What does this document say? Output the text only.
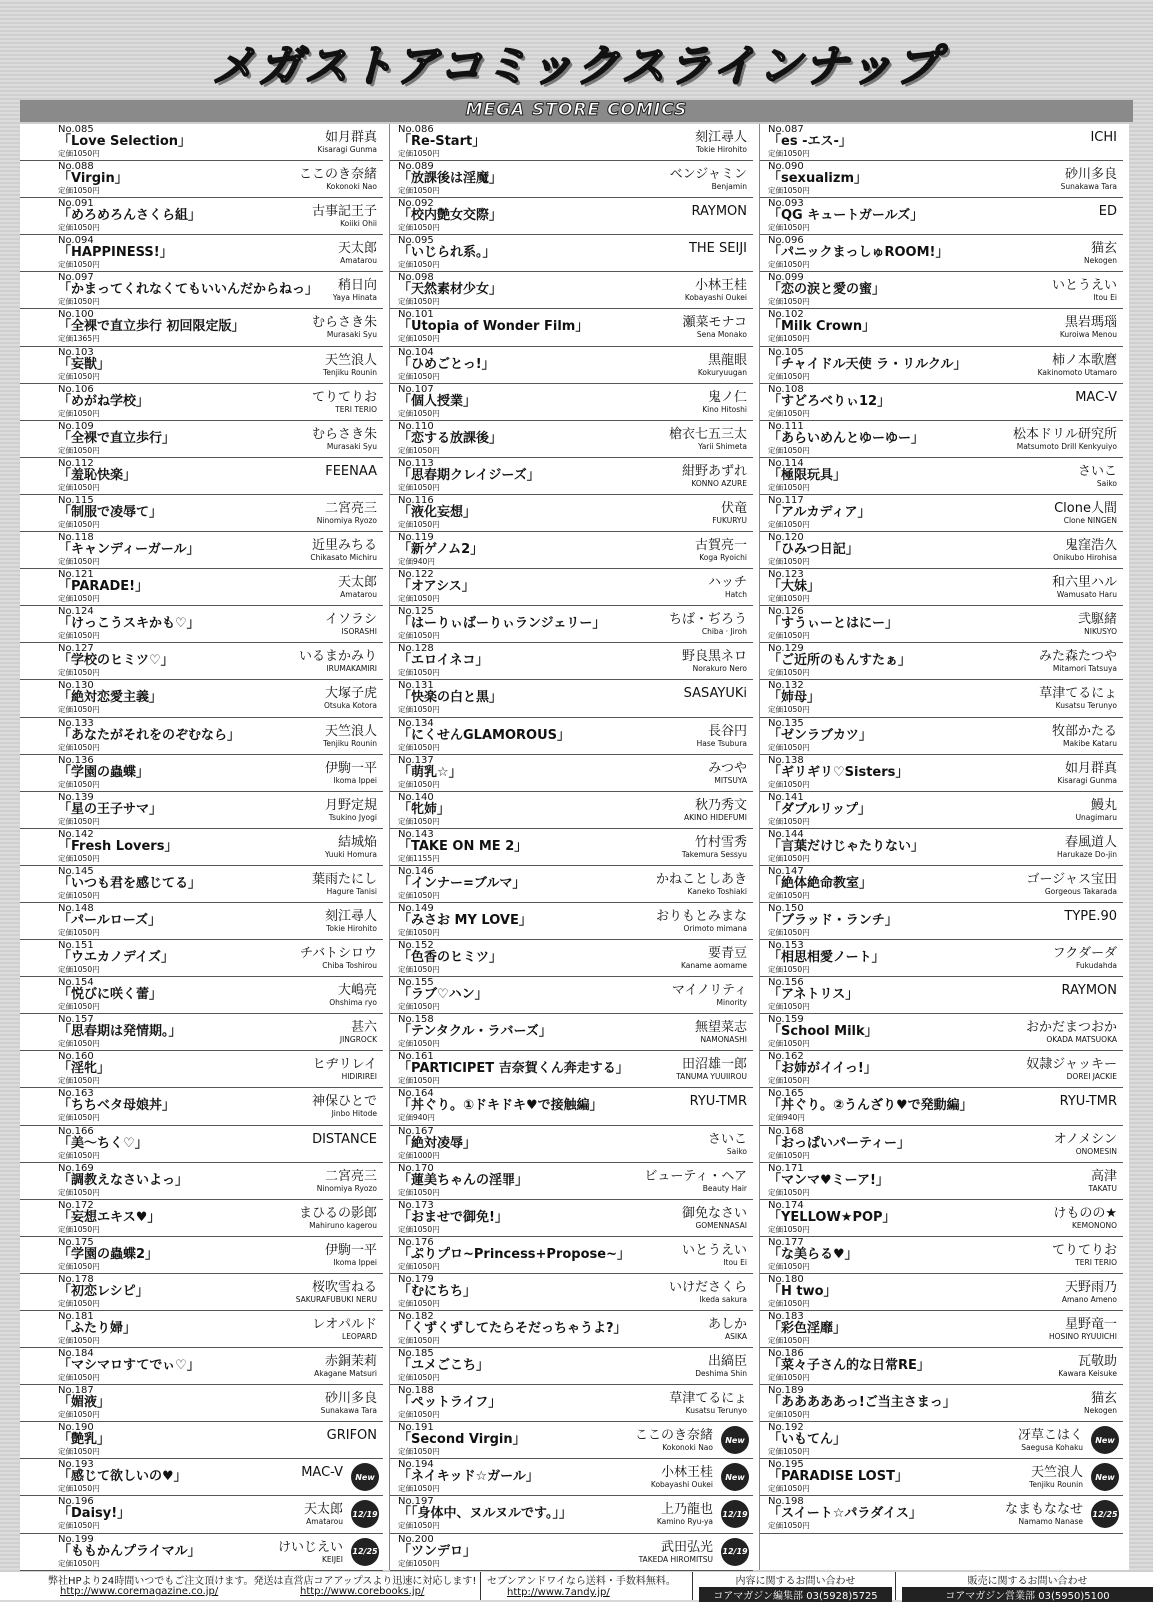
メガストアコミックスラインナップ
MEGA STORE COMICS
No.085
「Love Selection」
定価1050円
如月群真
Kisaragi Gunma
No.088
「Virgin」
定価1050円
ここのき奈緒
Kokonoki Nao
No.091
「めろめろんさくら組」
定価1050円
古事記王子
Koiiki Ohii
No.094
「HAPPINESS!」
定価1050円
天太郎
Amatarou
No.097
「かまってくれなくてもいいんだからねっ」
定価1050円
稍日向
Yaya Hinata
No.100
「全裸で直立歩行 初回限定版」
定価1365円
むらさき朱
Murasaki Syu
No.103
「妄獣」
定価1050円
天竺浪人
Tenjiku Rounin
No.106
「めがね学校」
定価1050円
てりてりお
TERI TERIO
No.109
「全裸で直立歩行」
定価1050円
むらさき朱
Murasaki Syu
No.112
「羞恥快楽」
定価1050円
FEENAA
No.115
「制服で凌辱て」
定価1050円
二宮亮三
Ninomiya Ryozo
No.118
「キャンディーガール」
定価1050円
近里みちる
Chikasato Michiru
No.121
「PARADE!」
定価1050円
天太郎
Amatarou
No.124
「けっこうスキかも♡」
定価1050円
イソラシ
ISORASHI
No.127
「学校のヒミツ♡」
定価1050円
いるまかみり
IRUMAKAMIRI
No.130
「絶対恋愛主義」
定価1050円
大塚子虎
Otsuka Kotora
No.133
「あなたがそれをのぞむなら」
定価1050円
天竺浪人
Tenjiku Rounin
No.136
「学園の蟲蝶」
定価1050円
伊駒一平
Ikoma Ippei
No.139
「星の王子サマ」
定価1050円
月野定規
Tsukino Jyogi
No.142
「Fresh Lovers」
定価1050円
結城焔
Yuuki Homura
No.145
「いつも君を感じてる」
定価1050円
葉雨たにし
Hagure Tanisi
No.148
「パールローズ」
定価1050円
刻江尋人
Tokie Hirohito
No.151
「ウエカノデイズ」
定価1050円
チバトシロウ
Chiba Toshirou
No.154
「悦びに咲く蕾」
定価1050円
大嶋亮
Ohshima ryo
No.157
「思春期は発情期。」
定価1050円
甚六
JINGROCK
No.160
「淫牝」
定価1050円
ヒヂリレイ
HIDIRIREI
No.163
「ちちベタ母娘丼」
定価1050円
神保ひとで
Jinbo Hitode
No.166
「美～ちく♡」
定価1050円
DISTANCE
No.169
「調教えなさいよっ」
定価1050円
二宮亮三
Ninomiya Ryozo
No.172
「妄想エキス♥」
定価1050円
まひるの影郎
Mahiruno kagerou
No.175
「学園の蟲蝶2」
定価1050円
伊駒一平
Ikoma Ippei
No.178
「初恋レシピ」
定価1050円
桜吹雪ねる
SAKURAFUBUKI NERU
No.181
「ふたり婦」
定価1050円
レオパルド
LEOPARD
No.184
「マシマロすてでぃ♡」
定価1050円
赤銅茉莉
Akagane Matsuri
No.187
「媚液」
定価1050円
砂川多良
Sunakawa Tara
No.190
「艶乳」
定価1050円
GRIFON
No.193
「感じて欲しいの♥」
定価1050円
MAC-V	New
No.196
「Daisy!」
定価1050円
天太郎
Amatarou
12/19
No.199
「ももかんプライマル」
定価1050円
けいじえい
KEIJEI
12/25
No.086
「Re-Start」
定価1050円
刻江尋人
Tokie Hirohito
No.089
「放課後は淫魔」
定価1050円
ベンジャミン
Benjamin
No.092
「校内艶女交際」
定価1050円
RAYMON
No.095
「いじられ系。」
定価1050円
THE SEIJI
No.098
「天然素材少女」
定価1050円
小林王桂
Kobayashi Oukei
No.101
「Utopia of Wonder Film」
定価1050円
瀬菜モナコ
Sena Monako
No.104
「ひめごとっ!」
定価1050円
黒龍眼
Kokuryuugan
No.107
「個人授業」
定価1050円
鬼ノ仁
Kino Hitoshi
No.110
「恋する放課後」
定価1050円
槍衣七五三太
Yarii Shimeta
No.113
「思春期クレイジーズ」
定価1050円
紺野あずれ
KONNO AZURE
No.116
「液化妄想」
定価1050円
伏竜
FUKURYU
No.119
「新ゲノム2」
定価940円
古賀亮一
Koga Ryoichi
No.122
「オアシス」
定価1050円
ハッチ
Hatch
No.125
「はーりぃばーりぃランジェリー」
定価1050円
ちば・ぢろう
Chiba · Jiroh
No.128
「エロイネコ」
定価1050円
野良黒ネロ
Norakuro Nero
No.131
「快楽の白と黒」
定価1050円
SASAYUKi
No.134
「にくせんGLAMOROUS」
定価1050円
長谷円
Hase Tsubura
No.137
「萌乳☆」
定価1050円
みつや
MITSUYA
No.140
「牝姉」
定価1050円
秋乃秀文
AKINO HIDEFUMI
No.143
「TAKE ON ME 2」
定価1155円
竹村雪秀
Takemura Sessyu
No.146
「インナー=ブルマ」
定価1050円
かねことしあき
Kaneko Toshiaki
No.149
「みさお MY LOVE」
定価1050円
おりもとみまな
Orimoto mimana
No.152
「色香のヒミツ」
定価1050円
要青豆
Kaname aomame
No.155
「ラブ♡ハン」
定価1050円
マイノリティ
Minority
No.158
「テンタクル・ラバーズ」
定価1050円
無望菜志
NAMONASHI
No.161
「PARTICIPET 吉奈賀くん奔走する」
定価1050円
田沼雄一郎
TANUMA YUUIIROU
No.164
「丼ぐり。①ドキドキ♥で接触編」
定価940円
RYU-TMR
No.167
「絶対凌辱」
定価1000円
さいこ
Saiko
No.170
「蓮美ちゃんの淫罪」
定価1050円
ビューティ・ヘア
Beauty Hair
No.173
「おませで御免!」
定価1050円
御免なさい
GOMENNASAI
No.176
「ぷりプロ~Princess+Propose~」
定価1050円
いとうえい
Itou Ei
No.179
「むにちち」
定価1050円
いけださくら
Ikeda sakura
No.182
「くずくずしてたらそだっちゃうよ?」
定価1050円
あしか
ASIKA
No.185
「ユメごこち」
定価1050円
出縞臣
Deshima Shin
No.188
「ペットライフ」
定価1050円
草津てるにょ
Kusatsu Terunyo
No.191
「Second Virgin」
定価1050円
ここのき奈緒
Kokonoki Nao
New
No.194
「ネイキッド☆ガール」
定価1050円
小林王桂
Kobayashi Oukei
New
No.197
「「身体中、ヌルヌルです。」」
定価1050円
上乃龍也
Kamino Ryu-ya
12/19
No.200
「ツンデロ」
定価1050円
武田弘光
TAKEDA HIROMITSU
12/19
No.087
「es -エス-」
定価1050円
ICHI
No.090
「sexualizm」
定価1050円
砂川多良
Sunakawa Tara
No.093
「QG キュートガールズ」
定価1050円
ED
No.096
「パニックまっしゅROOM!」
定価1050円
猫玄
Nekogen
No.099
「恋の涙と愛の蜜」
定価1050円
いとうえい
Itou Ei
No.102
「Milk Crown」
定価1050円
黒岩瑪瑙
Kuroiwa Menou
No.105
「チャイドル天使 ラ・リルクル」
定価1050円
柿ノ本歌麿
Kakinomoto Utamaro
No.108
「すどろべりぃ12」
定価1050円
MAC-V
No.111
「あらいめんとゆーゆー」
定価1050円
松本ドリル研究所
Matsumoto Drill Kenkyuiyo
No.114
「極限玩具」
定価1050円
さいこ
Saiko
No.117
「アルカディア」
定価1050円
Clone人間
Clone NINGEN
No.120
「ひみつ日記」
定価1050円
鬼窪浩久
Onikubo Hirohisa
No.123
「大妹」
定価1050円
和六里ハル
Wamusato Haru
No.126
「すうぃーとはにー」
定価1050円
弐駆緒
NIKUSYO
No.129
「ご近所のもんすたぁ」
定価1050円
みた森たつや
Mitamori Tatsuya
No.132
「姉母」
定価1050円
草津てるにょ
Kusatsu Terunyo
No.135
「ゼンラブカツ」
定価1050円
牧部かたる
Makibe Kataru
No.138
「ギリギリ♡Sisters」
定価1050円
如月群真
Kisaragi Gunma
No.141
「ダブルリップ」
定価1050円
鰻丸
Unagimaru
No.144
「言葉だけじゃたりない」
定価1050円
春風道人
Harukaze Do-jin
No.147
「絶体絶命教室」
定価1050円
ゴージャス宝田
Gorgeous Takarada
No.150
「ブラッド・ランチ」
定価1050円
TYPE.90
No.153
「相思相愛ノート」
定価1050円
フクダーダ
Fukudahda
No.156
「アネトリス」
定価1050円
RAYMON
No.159
「School Milk」
定価1050円
おかだまつおか
OKADA MATSUOKA
No.162
「お姉がイイっ!」
定価1050円
奴隷ジャッキー
DOREI JACKIE
No.165
「丼ぐり。②うんざり♥で発動編」
定価940円
RYU-TMR
No.168
「おっぱいパーティー」
定価1050円
オノメシン
ONOMESIN
No.171
「マンマ♥ミーア!」
定価1050円
高津
TAKATU
No.174
「YELLOW★POP」
定価1050円
けものの★
KEMONONO
No.177
「な美らる♥」
定価1050円
てりてりお
TERI TERIO
No.180
「H two」
定価1050円
天野雨乃
Amano Ameno
No.183
「彩色淫靡」
定価1050円
星野竜一
HOSINO RYUUICHI
No.186
「菜々子さん的な日常RE」
定価1050円
瓦敬助
Kawara Keisuke
No.189
「あああああっ!ご当主さまっ」
定価1050円
猫玄
Nekogen
No.192
「いもてん」
定価1050円
冴草こはく
Saegusa Kohaku
New
No.195
「PARADISE LOST」
定価1050円
天竺浪人
Tenjiku Rounin
New
No.198
「スイート☆パラダイス」
定価1050円
なまもななせ
Namamo Nanase
12/25
弊社HPより24時間いつでもご注文頂けます。発送は直営店コアアップスより迅速に対応します!
http://www.coremagazine.co.jp/	http://www.corebooks.jp/
セブンアンドワイなら送料・手数料無料。
http://www.7andy.jp/
内容に関するお問い合わせ
コアマガジン編集部 03(5928)5725
販売に関するお問い合わせ
コアマガジン営業部 03(5950)5100
